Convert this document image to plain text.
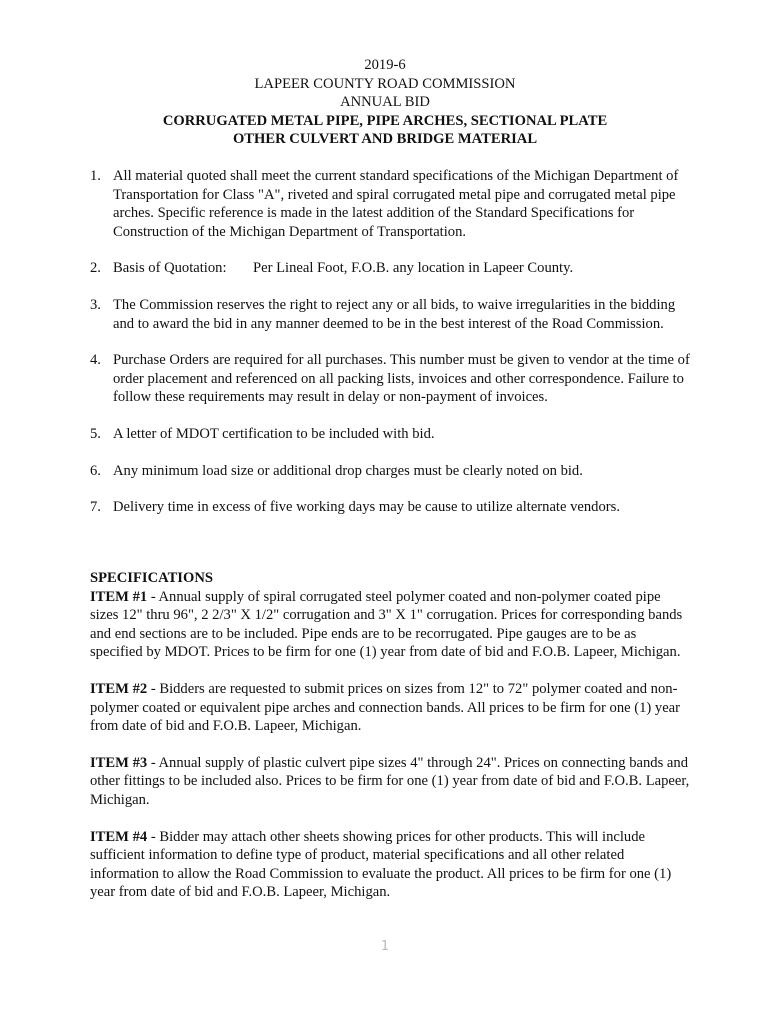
2019-6
LAPEER COUNTY ROAD COMMISSION
ANNUAL BID
CORRUGATED METAL PIPE, PIPE ARCHES, SECTIONAL PLATE
OTHER CULVERT AND BRIDGE MATERIAL
1. All material quoted shall meet the current standard specifications of the Michigan Department of Transportation for Class "A", riveted and spiral corrugated metal pipe and corrugated metal pipe arches. Specific reference is made in the latest addition of the Standard Specifications for Construction of the Michigan Department of Transportation.
2. Basis of Quotation: Per Lineal Foot, F.O.B. any location in Lapeer County.
3. The Commission reserves the right to reject any or all bids, to waive irregularities in the bidding and to award the bid in any manner deemed to be in the best interest of the Road Commission.
4. Purchase Orders are required for all purchases. This number must be given to vendor at the time of order placement and referenced on all packing lists, invoices and other correspondence. Failure to follow these requirements may result in delay or non-payment of invoices.
5. A letter of MDOT certification to be included with bid.
6. Any minimum load size or additional drop charges must be clearly noted on bid.
7. Delivery time in excess of five working days may be cause to utilize alternate vendors.
SPECIFICATIONS

ITEM #1 - Annual supply of spiral corrugated steel polymer coated and non-polymer coated pipe sizes 12" thru 96", 2 2/3" X 1/2" corrugation and 3" X 1" corrugation. Prices for corresponding bands and end sections are to be included. Pipe ends are to be recorrugated. Pipe gauges are to be as specified by MDOT. Prices to be firm for one (1) year from date of bid and F.O.B. Lapeer, Michigan.

ITEM #2 - Bidders are requested to submit prices on sizes from 12" to 72" polymer coated and non-polymer coated or equivalent pipe arches and connection bands. All prices to be firm for one (1) year from date of bid and F.O.B. Lapeer, Michigan.

ITEM #3 - Annual supply of plastic culvert pipe sizes 4" through 24". Prices on connecting bands and other fittings to be included also. Prices to be firm for one (1) year from date of bid and F.O.B. Lapeer, Michigan.

ITEM #4 - Bidder may attach other sheets showing prices for other products. This will include sufficient information to define type of product, material specifications and all other related information to allow the Road Commission to evaluate the product. All prices to be firm for one (1) year from date of bid and F.O.B. Lapeer, Michigan.

1
